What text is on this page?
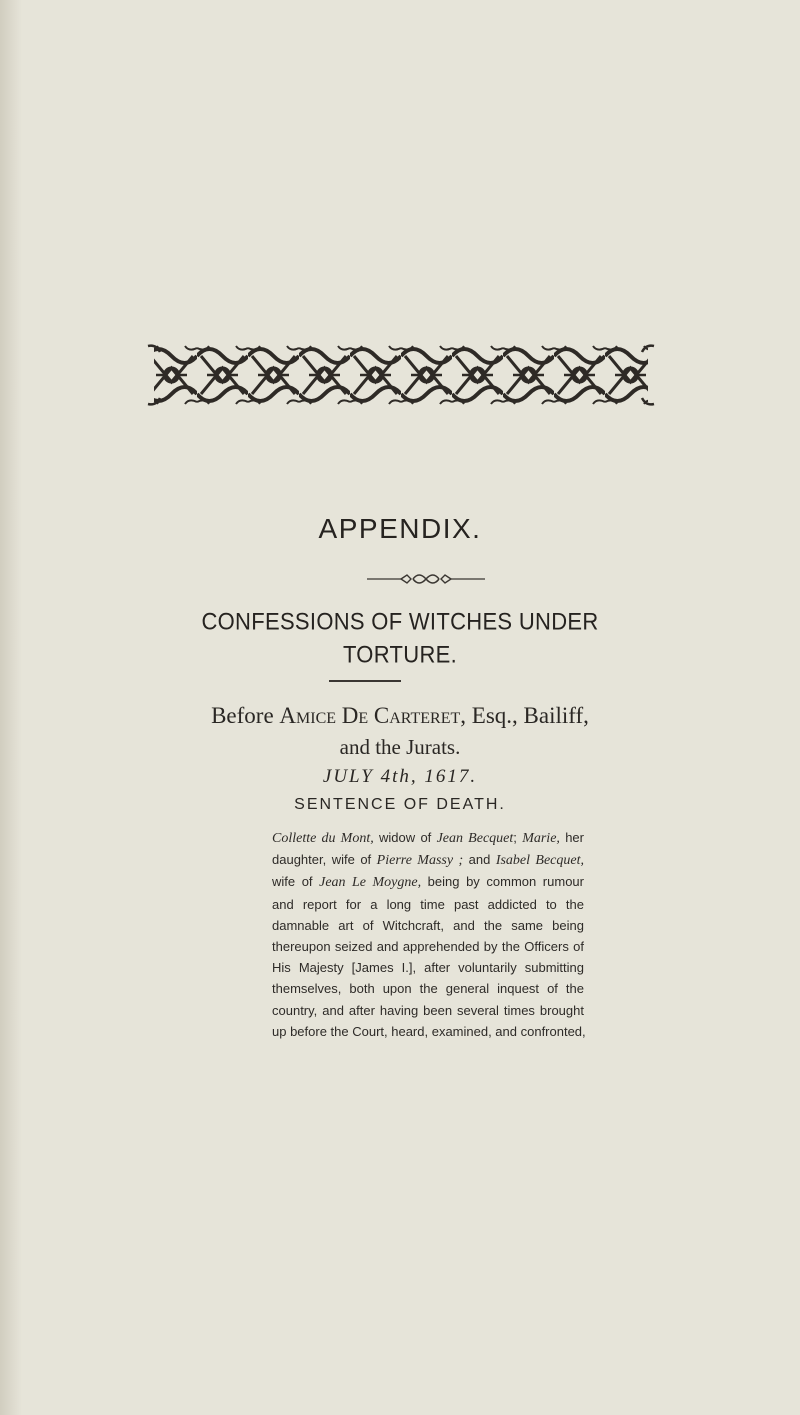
APPENDIX.
CONFESSIONS OF WITCHES UNDER
TORTURE.
Before Amice De Carteret, Esq., Bailiff,
and the Jurats.
JULY 4th, 1617.
SENTENCE OF DEATH.

Collette du Mont, widow of Jean Becquet; Marie, her

daughter, wife of Pierre Massy ; and Isabel Becquet,

wife of Jean Le Moygne, being by common rumour

and report for a long time past addicted to the

damnable art of Witchcraft, and the same being

thereupon seized and apprehended by the Officers of

His Majesty [James I.], after voluntarily submitting

themselves, both upon the general inquest of the

country, and after having been several times brought

up before the Court, heard, examined, and confronted,
